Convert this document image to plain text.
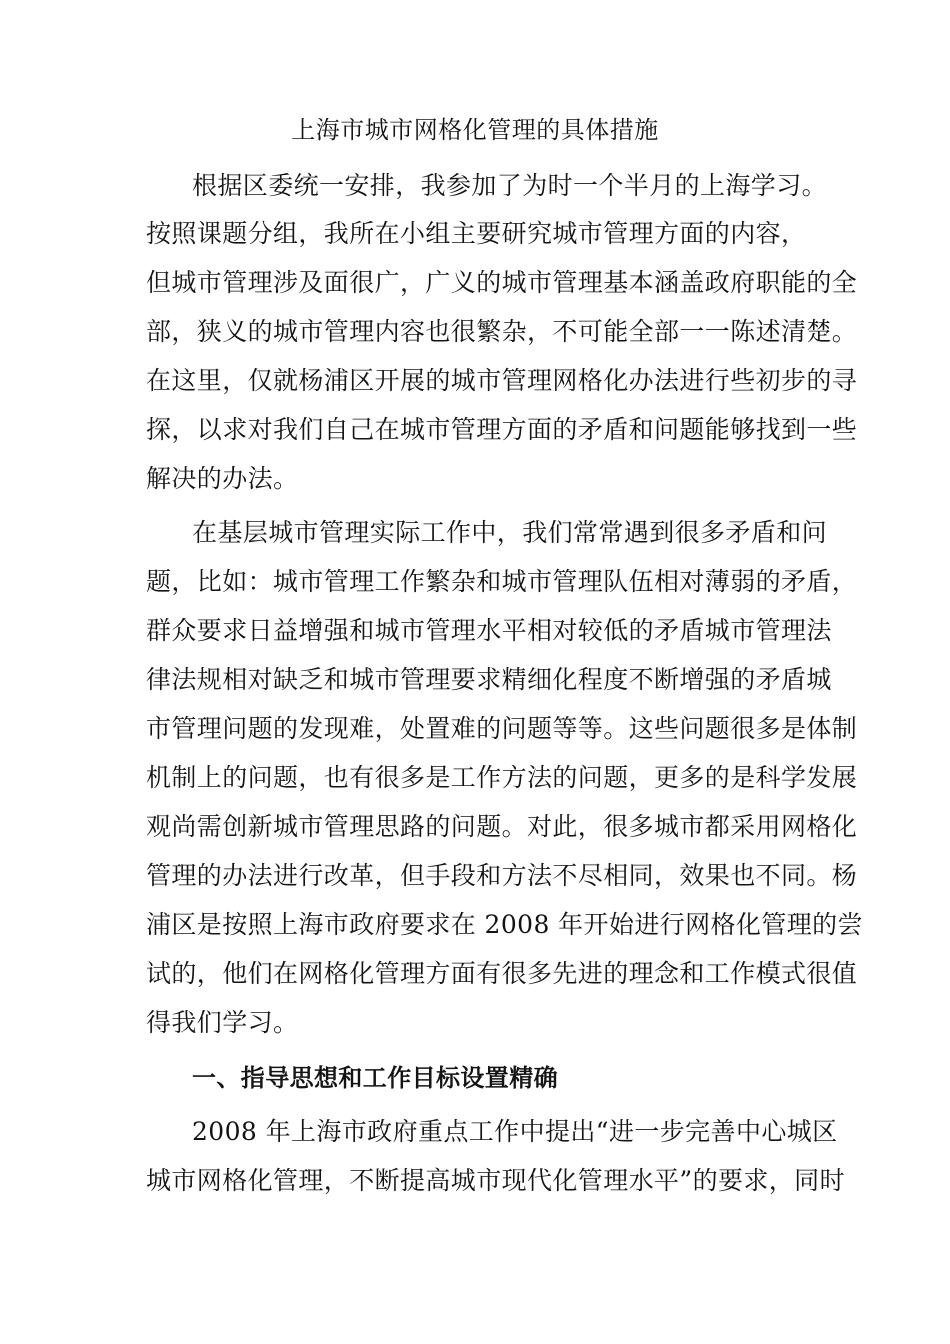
上海市城市网格化管理的具体措施
根据区委统一安排，我参加了为时一个半月的上海学习。
按照课题分组，我所在小组主要研究城市管理方面的内容，
但城市管理涉及面很广，广义的城市管理基本涵盖政府职能的全
部，狭义的城市管理内容也很繁杂，不可能全部一一陈述清楚。
在这里，仅就杨浦区开展的城市管理网格化办法进行些初步的寻
探，以求对我们自己在城市管理方面的矛盾和问题能够找到一些
解决的办法。
在基层城市管理实际工作中，我们常常遇到很多矛盾和问
题，比如：城市管理工作繁杂和城市管理队伍相对薄弱的矛盾，
群众要求日益增强和城市管理水平相对较低的矛盾城市管理法
律法规相对缺乏和城市管理要求精细化程度不断增强的矛盾城
市管理问题的发现难，处置难的问题等等。这些问题很多是体制
机制上的问题，也有很多是工作方法的问题，更多的是科学发展
观尚需创新城市管理思路的问题。对此，很多城市都采用网格化
管理的办法进行改革，但手段和方法不尽相同，效果也不同。杨
浦区是按照上海市政府要求在 2008 年开始进行网格化管理的尝
试的，他们在网格化管理方面有很多先进的理念和工作模式很值
得我们学习。
一、指导思想和工作目标设置精确
2008 年上海市政府重点工作中提出“进一步完善中心城区
城市网格化管理，不断提高城市现代化管理水平”的要求，同时
